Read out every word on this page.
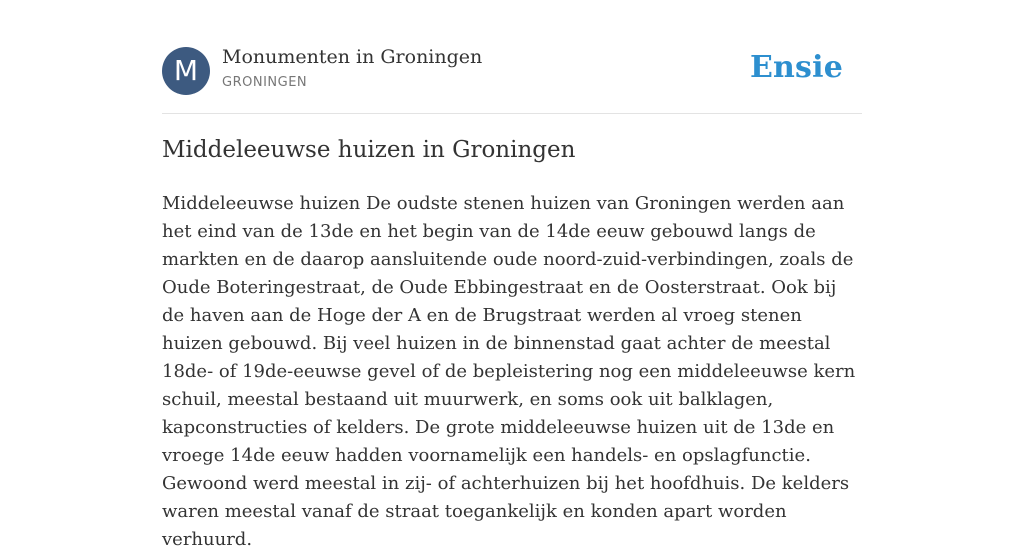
M	Monumenten in Groningen
GRONINGEN	Ensie
Middeleeuwse huizen in Groningen

Middeleeuwse huizen De oudste stenen huizen van Groningen werden aan het eind van de 13de en het begin van de 14de eeuw gebouwd langs de markten en de daarop aansluitende oude noord-zuid-verbindingen, zoals de Oude Boteringestraat, de Oude Ebbingestraat en de Oosterstraat. Ook bij de haven aan de Hoge der A en de Brugstraat werden al vroeg stenen huizen gebouwd. Bij veel huizen in de binnenstad gaat achter de meestal 18de- of 19de-eeuwse gevel of de bepleistering nog een middeleeuwse kern schuil, meestal bestaand uit muurwerk, en soms ook uit balklagen, kapconstructies of kelders. De grote middeleeuwse huizen uit de 13de en vroege 14de eeuw hadden voornamelijk een handels- en opslagfunctie. Gewoond werd meestal in zij- of achterhuizen bij het hoofdhuis. De kelders waren meestal vanaf de straat toegankelijk en konden apart worden verhuurd.
